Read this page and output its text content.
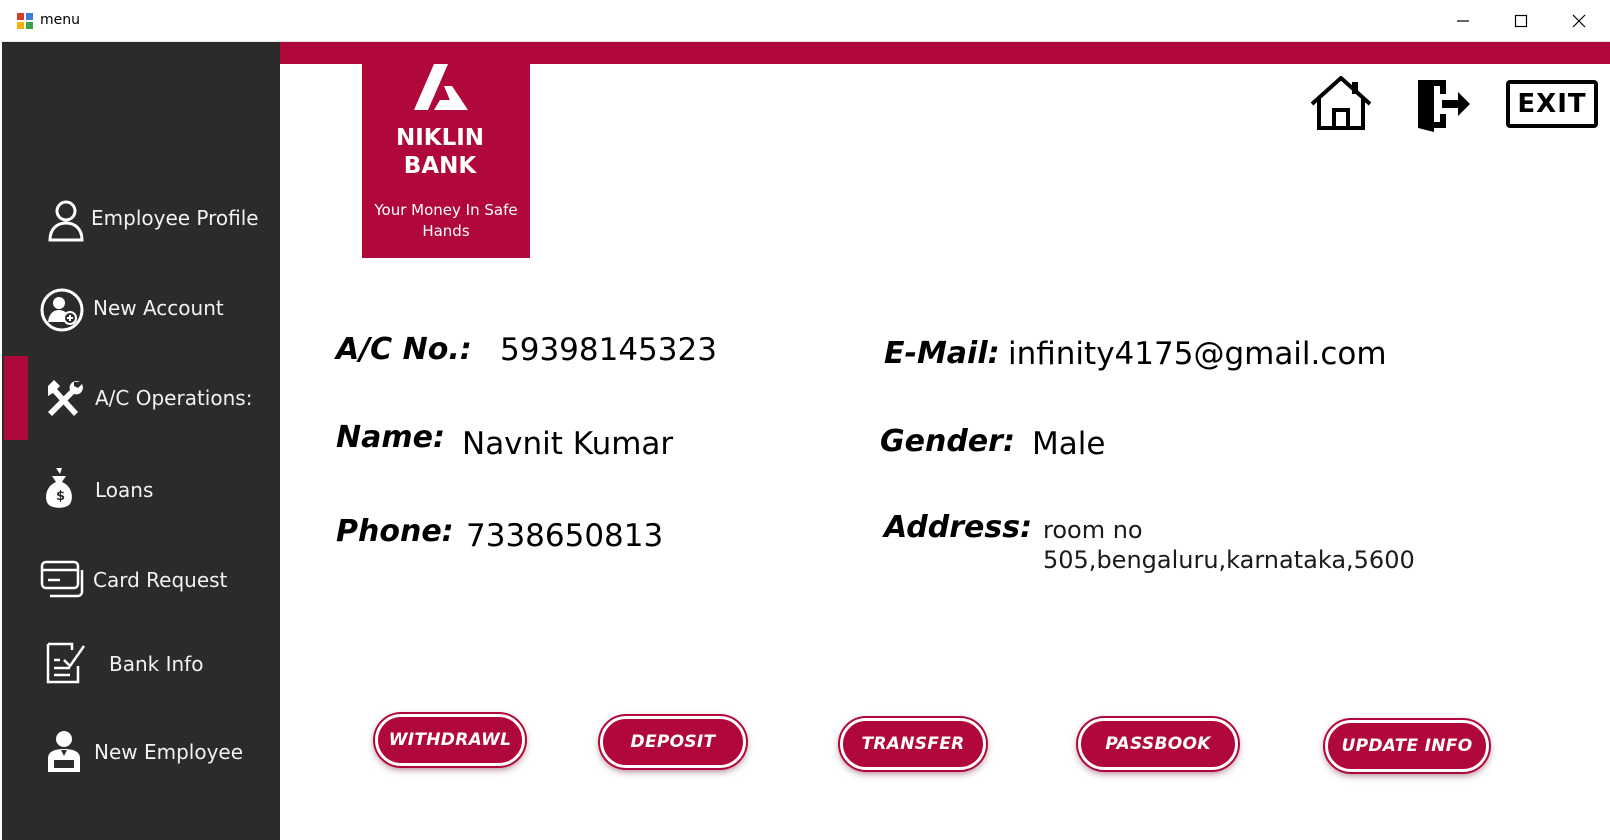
menu
Employee Profile
New Account
A/C Operations:
$ Loans
Card Request
Bank Info
New Employee
NIKLIN
BANK
Your Money In Safe Hands
EXIT
A/C No.: 59398145323
Name: Navnit Kumar
Phone: 7338650813
E-Mail: infinity4175@gmail.com
Gender: Male
Address: room no 505,bengaluru,karnataka,5600
WITHDRAWL	DEPOSIT	TRANSFER	PASSBOOK	UPDATE INFO
